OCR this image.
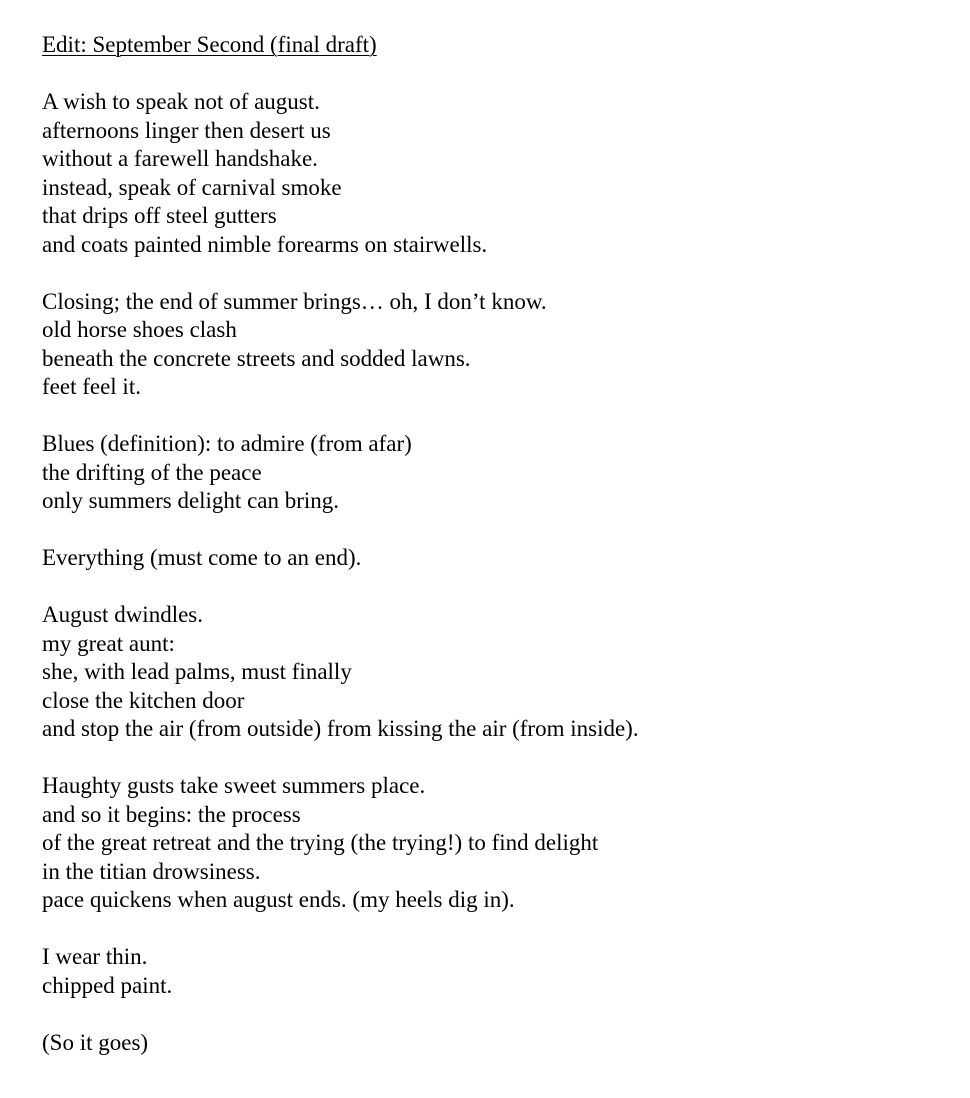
Edit: September Second (final draft)
A wish to speak not of august.
afternoons linger then desert us
without a farewell handshake.
instead, speak of carnival smoke
that drips off steel gutters
and coats painted nimble forearms on stairwells.
Closing; the end of summer brings… oh, I don’t know.
old horse shoes clash
beneath the concrete streets and sodded lawns.
feet feel it.
Blues (definition): to admire (from afar)
the drifting of the peace
only summers delight can bring.
Everything (must come to an end).
August dwindles.
my great aunt:
she, with lead palms, must finally
close the kitchen door
and stop the air (from outside) from kissing the air (from inside).
Haughty gusts take sweet summers place.
and so it begins: the process
of the great retreat and the trying (the trying!) to find delight
in the titian drowsiness.
pace quickens when august ends. (my heels dig in).
I wear thin.
chipped paint.
(So it goes)
